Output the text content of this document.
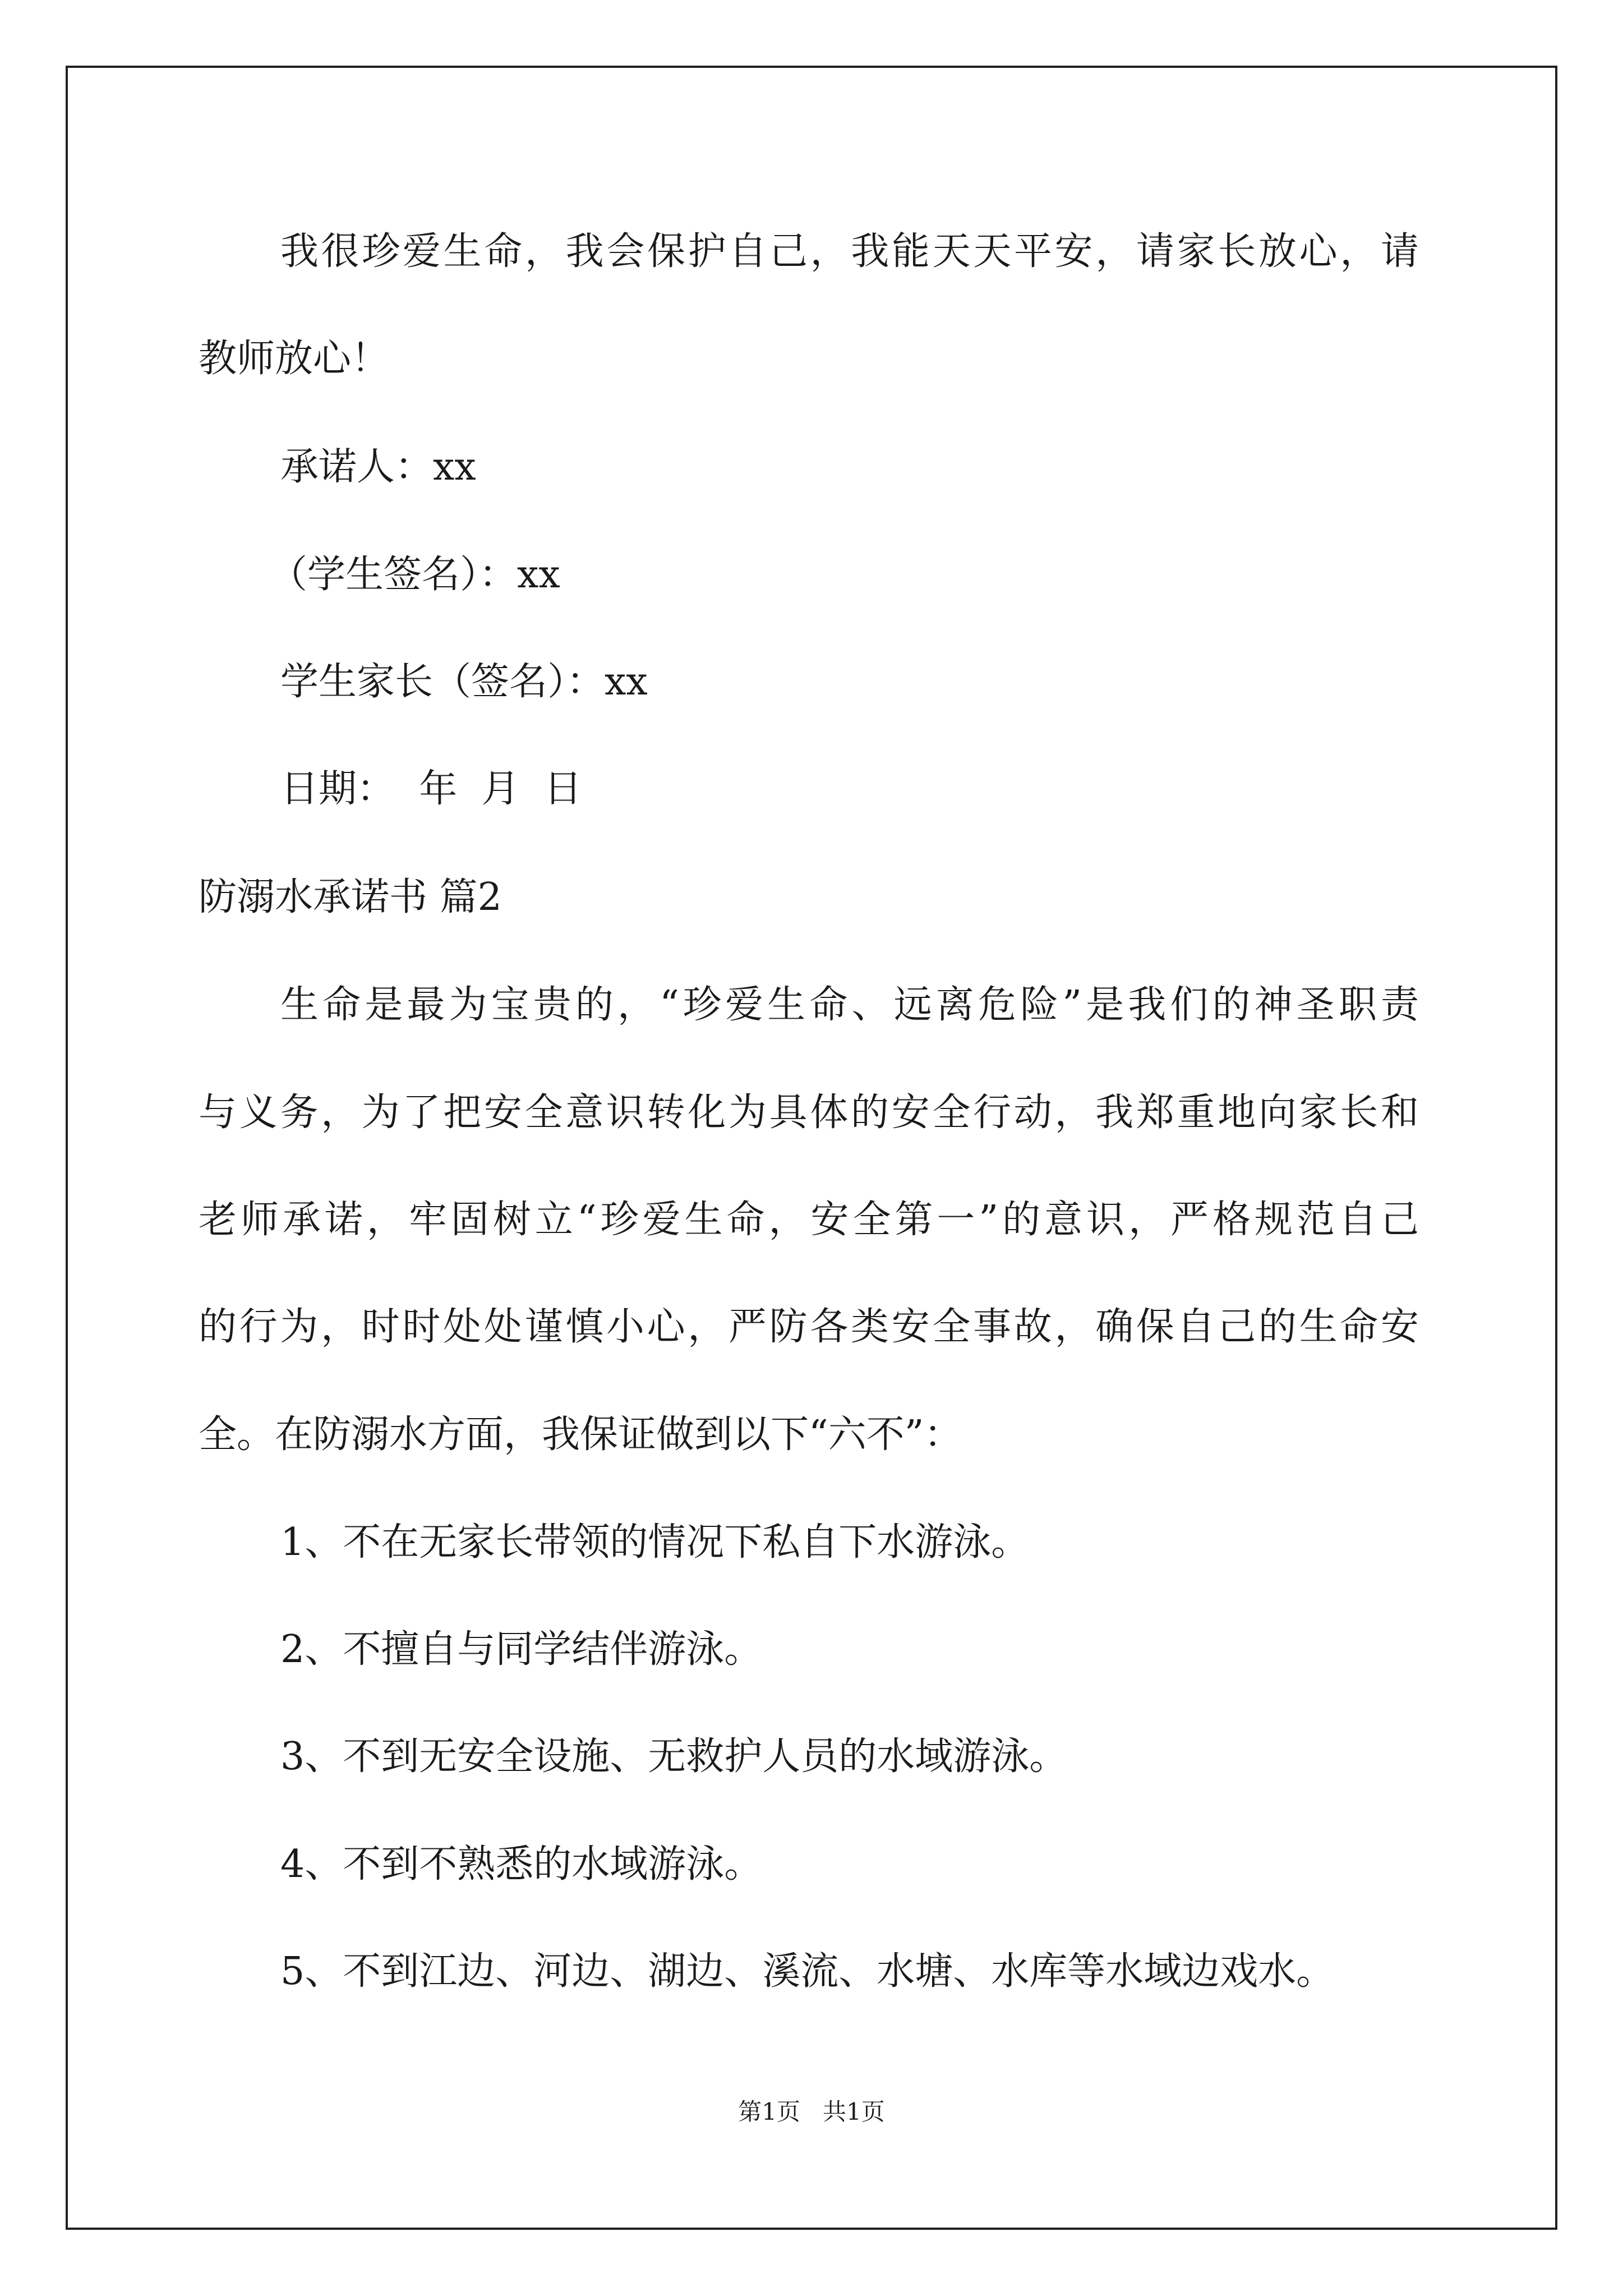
我很珍爱生命，我会保护自己，我能天天平安，请家长放心，请
教师放心！
承诺人：xx
（学生签名）：xx
学生家长（签名）：xx
日期：  年  月  日
防溺水承诺书 篇2
生命是最为宝贵的，“珍爱生命、远离危险”是我们的神圣职责
与义务，为了把安全意识转化为具体的安全行动，我郑重地向家长和
老师承诺，牢固树立“珍爱生命，安全第一”的意识，严格规范自己
的行为，时时处处谨慎小心，严防各类安全事故，确保自己的生命安
全。在防溺水方面，我保证做到以下“六不”：
1、不在无家长带领的情况下私自下水游泳。
2、不擅自与同学结伴游泳。
3、不到无安全设施、无救护人员的水域游泳。
4、不到不熟悉的水域游泳。
5、不到江边、河边、湖边、溪流、水塘、水库等水域边戏水。
第1页   共1页
